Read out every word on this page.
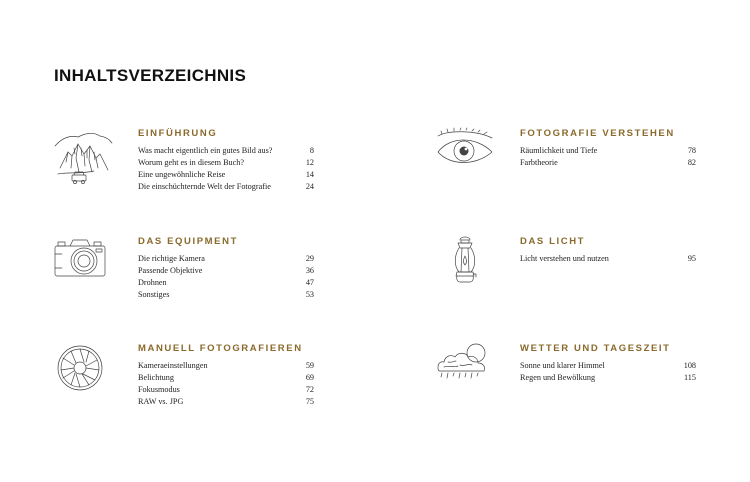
INHALTSVERZEICHNIS
EINFÜHRUNG
Was macht eigentlich ein gutes Bild aus?	8
Worum geht es in diesem Buch?	12
Eine ungewöhnliche Reise	14
Die einschüchternde Welt der Fotografie	24
DAS EQUIPMENT
Die richtige Kamera	29
Passende Objektive	36
Drohnen	47
Sonstiges	53
MANUELL FOTOGRAFIEREN
Kameraeinstellungen	59
Belichtung	69
Fokusmodus	72
RAW vs. JPG	75
FOTOGRAFIE VERSTEHEN
Räumlichkeit und Tiefe	78
Farbtheorie	82
DAS LICHT
Licht verstehen und nutzen	95
WETTER UND TAGESZEIT
Sonne und klarer Himmel	108
Regen und Bewölkung	115
